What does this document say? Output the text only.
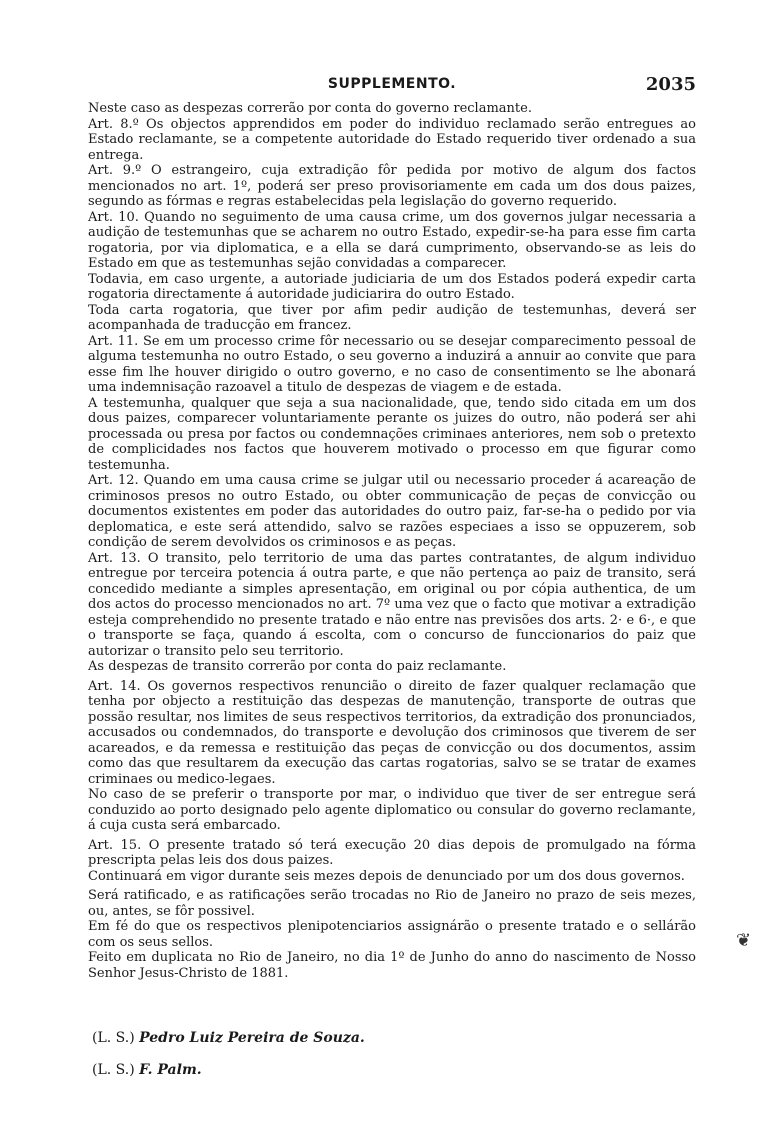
SUPPLEMENTO.	2035

Neste caso as despezas correrão por conta do governo reclamante.

Art. 8.º Os objectos apprendidos em poder do individuo reclamado serão entregues ao Estado reclamante, se a competente autoridade do Estado requerido tiver ordenado a sua entrega.

Art. 9.º O estrangeiro, cuja extradição fôr pedida por motivo de algum dos factos mencionados no art. 1º, poderá ser preso provisoriamente em cada um dos dous paizes, segundo as fórmas e regras estabelecidas pela legislação do governo requerido.

Art. 10. Quando no seguimento de uma causa crime, um dos governos julgar necessaria a audição de testemunhas que se acharem no outro Estado, expedir-se-ha para esse fim carta rogatoria, por via diplomatica, e a ella se dará cumprimento, observando-se as leis do Estado em que as testemunhas sejão convidadas a comparecer.

Todavia, em caso urgente, a autoriade judiciaria de um dos Estados poderá expedir carta rogatoria directamente á autoridade judiciarira do outro Estado.

Toda carta rogatoria, que tiver por afim pedir audição de testemunhas, deverá ser acompanhada de traducção em francez.

Art. 11. Se em um processo crime fôr necessario ou se desejar comparecimento pessoal de alguma testemunha no outro Estado, o seu governo a induzirá a annuir ao convite que para esse fim lhe houver dirigido o outro governo, e no caso de consentimento se lhe abonará uma indemnisação razoavel a titulo de despezas de viagem e de estada.

A testemunha, qualquer que seja a sua nacionalidade, que, tendo sido citada em um dos dous paizes, comparecer voluntariamente perante os juizes do outro, não poderá ser ahi processada ou presa por factos ou condemnações criminaes anteriores, nem sob o pretexto de complicidades nos factos que houverem motivado o processo em que figurar como testemunha.

Art. 12. Quando em uma causa crime se julgar util ou necessario proceder á acareação de criminosos presos no outro Estado, ou obter communicação de peças de convicção ou documentos existentes em poder das autoridades do outro paiz, far-se-ha o pedido por via deplomatica, e este será attendido, salvo se razões especiaes a isso se oppuzerem, sob condição de serem devolvidos os criminosos e as peças.

Art. 13. O transito, pelo territorio de uma das partes contratantes, de algum individuo entregue por terceira potencia á outra parte, e que não pertença ao paiz de transito, será concedido mediante a simples apresentação, em original ou por cópia authentica, de um dos actos do processo mencionados no art. 7º uma vez que o facto que motivar a extradição esteja comprehendido no presente tratado e não entre nas previsões dos arts. 2· e 6·, e que o transporte se faça, quando á escolta, com o concurso de funccionarios do paiz que autorizar o transito pelo seu territorio.

As despezas de transito correrão por conta do paiz reclamante.

Art. 14. Os governos respectivos renuncião o direito de fazer qualquer reclamação que tenha por objecto a restituição das despezas de manutenção, transporte de outras que possão resultar, nos limites de seus respectivos territorios, da extradição dos pronunciados, accusados ou condemnados, do transporte e devolução dos criminosos que tiverem de ser acareados, e da remessa e restituição das peças de convicção ou dos documentos, assim como das que resultarem da execução das cartas rogatorias, salvo se se tratar de exames criminaes ou medico-legaes.

No caso de se preferir o transporte por mar, o individuo que tiver de ser entregue será conduzido ao porto designado pelo agente diplomatico ou consular do governo reclamante, á cuja custa será embarcado.

Art. 15. O presente tratado só terá execução 20 dias depois de promulgado na fórma prescripta pelas leis dos dous paizes.

Continuará em vigor durante seis mezes depois de denunciado por um dos dous governos.

Será ratificado, e as ratificações serão trocadas no Rio de Janeiro no prazo de seis mezes, ou, antes, se fôr possivel.

Em fé do que os respectivos plenipotenciarios assignárão o presente tratado e o sellárão com os seus sellos.

Feito em duplicata no Rio de Janeiro, no dia 1º de Junho do anno do nascimento de Nosso Senhor Jesus-Christo de 1881.

(L. S.) Pedro Luiz Pereira de Souza.
(L. S.) F. Palm.
❦
